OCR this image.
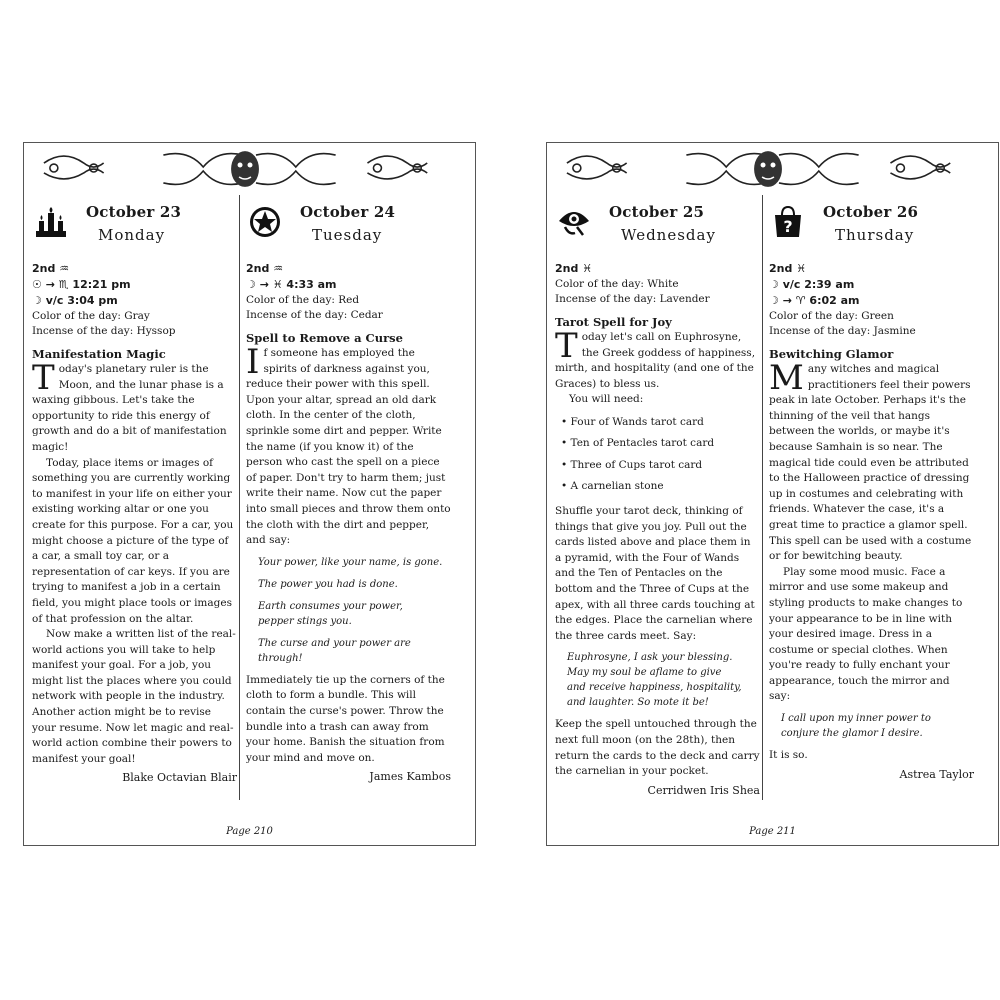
October 23
Monday
2nd ♒
☉ → ♏ 12:21 pm
☽ v/c 3:04 pm
Color of the day: Gray
Incense of the day: Hyssop
Manifestation Magic

Today's planetary ruler is the Moon, and the lunar phase is a waxing gibbous. Let's take the opportunity to ride this energy of growth and do a bit of manifestation magic!

Today, place items or images of something you are currently working to manifest in your life on either your existing working altar or one you create for this purpose. For a car, you might choose a picture of the type of a car, a small toy car, or a representation of car keys. If you are trying to manifest a job in a certain field, you might place tools or images of that profession on the altar.

Now make a written list of the real-world actions you will take to help manifest your goal. For a job, you might list the places where you could network with people in the industry. Another action might be to revise your resume. Now let magic and real-world action combine their powers to manifest your goal!

Blake Octavian Blair
October 24
Tuesday
2nd ♒
☽ → ♓ 4:33 am
Color of the day: Red
Incense of the day: Cedar
Spell to Remove a Curse

If someone has employed the spirits of darkness against you, reduce their power with this spell. Upon your altar, spread an old dark cloth. In the center of the cloth, sprinkle some dirt and pepper. Write the name (if you know it) of the person who cast the spell on a piece of paper. Don't try to harm them; just write their name. Now cut the paper into small pieces and throw them onto the cloth with the dirt and pepper, and say:

Your power, like your name, is gone.

The power you had is done.

Earth consumes your power,
pepper stings you.

The curse and your power are through!

Immediately tie up the corners of the cloth to form a bundle. This will contain the curse's power. Throw the bundle into a trash can away from your home. Banish the situation from your mind and move on.

James Kambos
Page 210
October 25
Wednesday
2nd ♓
Color of the day: White
Incense of the day: Lavender
Tarot Spell for Joy

Today let's call on Euphrosyne, the Greek goddess of happiness, mirth, and hospitality (and one of the Graces) to bless us.

You will need:

• Four of Wands tarot card
• Ten of Pentacles tarot card
• Three of Cups tarot card
• A carnelian stone

Shuffle your tarot deck, thinking of things that give you joy. Pull out the cards listed above and place them in a pyramid, with the Four of Wands and the Ten of Pentacles on the bottom and the Three of Cups at the apex, with all three cards touching at the edges. Place the carnelian where the three cards meet. Say:

Euphrosyne, I ask your blessing.
May my soul be aflame to give
and receive happiness, hospitality,
and laughter. So mote it be!

Keep the spell untouched through the next full moon (on the 28th), then return the cards to the deck and carry the carnelian in your pocket.

Cerridwen Iris Shea
?
October 26
Thursday
2nd ♓
☽ v/c 2:39 am
☽ → ♈ 6:02 am
Color of the day: Green
Incense of the day: Jasmine
Bewitching Glamor

Many witches and magical practitioners feel their powers peak in late October. Perhaps it's the thinning of the veil that hangs between the worlds, or maybe it's because Samhain is so near. The magical tide could even be attributed to the Halloween practice of dressing up in costumes and celebrating with friends. Whatever the case, it's a great time to practice a glamor spell. This spell can be used with a costume or for bewitching beauty.

Play some mood music. Face a mirror and use some makeup and styling products to make changes to your appearance to be in line with your desired image. Dress in a costume or special clothes. When you're ready to fully enchant your appearance, touch the mirror and say:

I call upon my inner power to
conjure the glamor I desire.

It is so.

Astrea Taylor
Page 211
